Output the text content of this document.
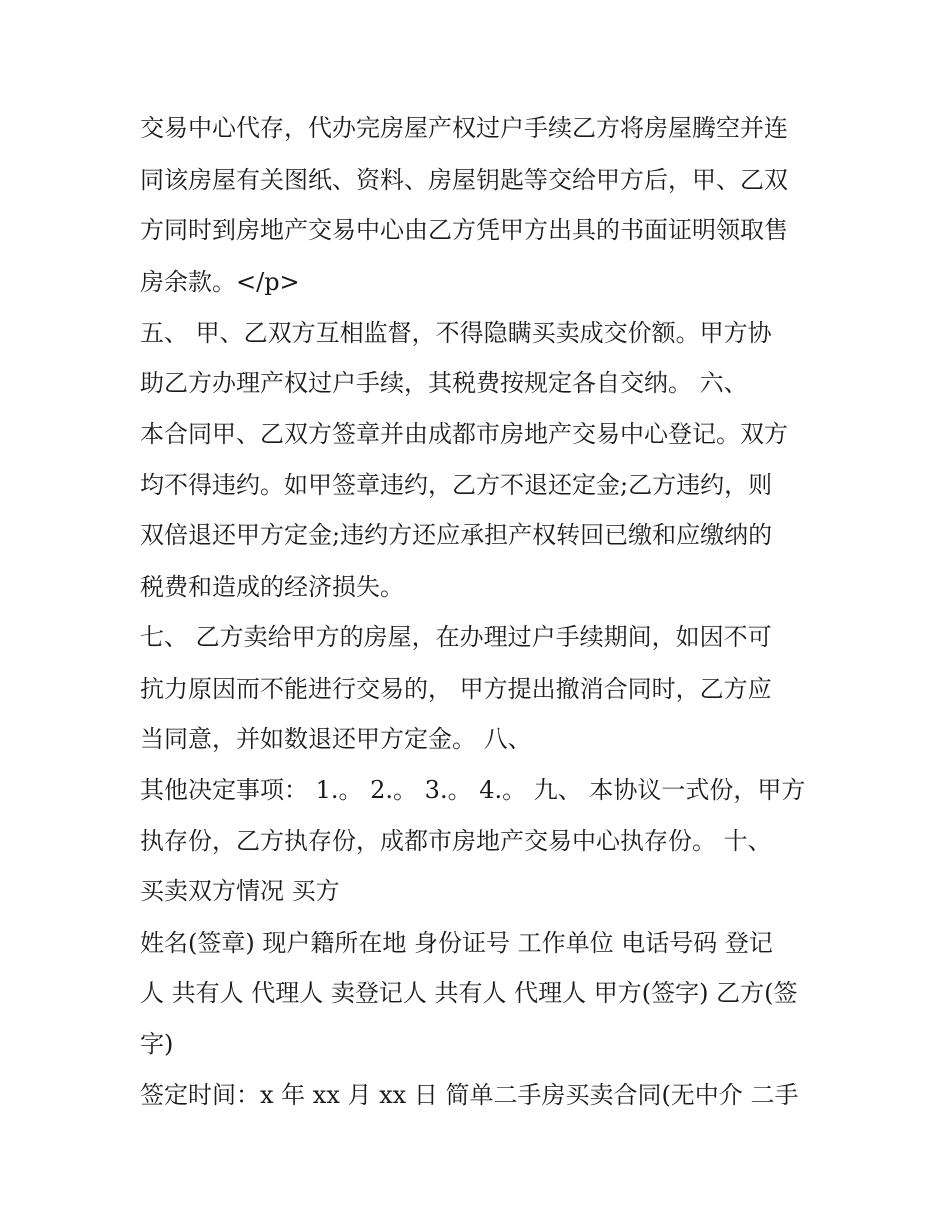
交易中心代存，代办完房屋产权过户手续乙方将房屋腾空并连
同该房屋有关图纸、资料、房屋钥匙等交给甲方后，甲、乙双
方同时到房地产交易中心由乙方凭甲方出具的书面证明领取售
房余款。</p>
五、 甲、乙双方互相监督，不得隐瞒买卖成交价额。甲方协
助乙方办理产权过户手续，其税费按规定各自交纳。 六、
本合同甲、乙双方签章并由成都市房地产交易中心登记。双方
均不得违约。如甲签章违约，乙方不退还定金;乙方违约，则
双倍退还甲方定金;违约方还应承担产权转回已缴和应缴纳的
税费和造成的经济损失。
七、 乙方卖给甲方的房屋，在办理过户手续期间，如因不可
抗力原因而不能进行交易的， 甲方提出撤消合同时，乙方应
当同意，并如数退还甲方定金。 八、
其他决定事项： 1.。 2.。 3.。 4.。 九、 本协议一式份，甲方
执存份，乙方执存份，成都市房地产交易中心执存份。 十、
买卖双方情况 买方
姓名(签章) 现户籍所在地 身份证号 工作单位 电话号码 登记
人 共有人 代理人 卖登记人 共有人 代理人 甲方(签字) 乙方(签
字)
签定时间：x 年 xx 月 xx 日 简单二手房买卖合同(无中介 二手
